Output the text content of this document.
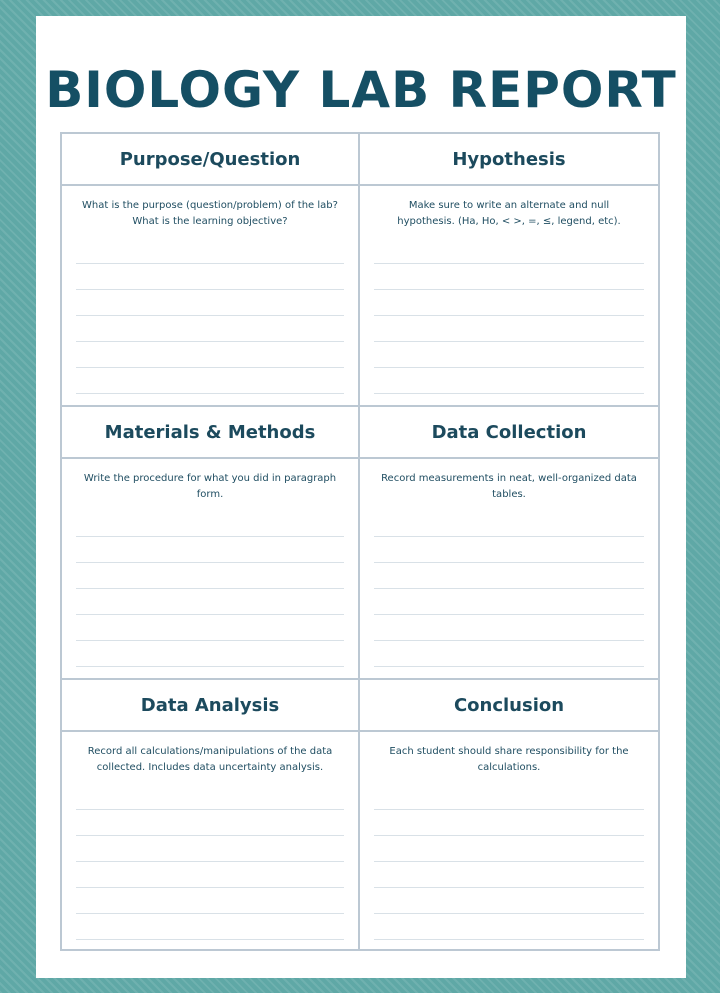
BIOLOGY LAB REPORT
Purpose/Question
What is the purpose (question/problem) of the lab? What is the learning objective?
Hypothesis
Make sure to write an alternate and null hypothesis. (Ha, Ho, < >, =, ≤, legend, etc).
Materials & Methods
Write the procedure for what you did in paragraph form.
Data Collection
Record measurements in neat, well-organized data tables.
Data Analysis
Record all calculations/manipulations of the data collected. Includes data uncertainty analysis.
Conclusion
Each student should share responsibility for the calculations.
